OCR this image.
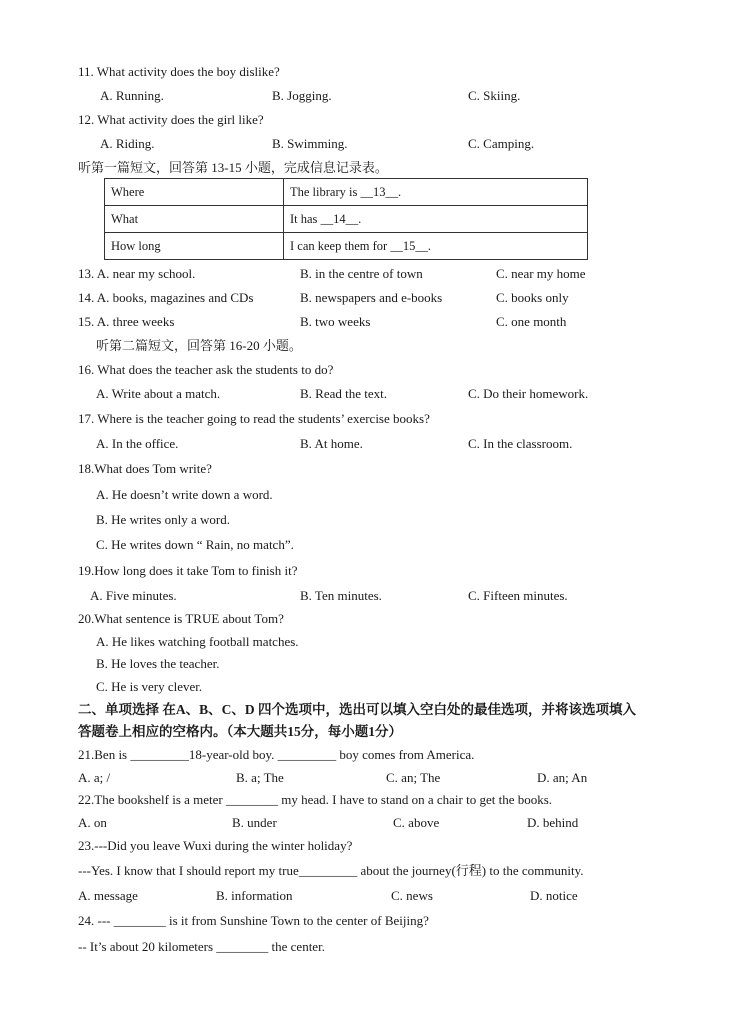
11. What activity does the boy dislike?
A. Running.	B. Jogging.	C. Skiing.
12. What activity does the girl like?
A. Riding.	B. Swimming.	C. Camping.
听第一篇短文，回答第 13-15 小题，完成信息记录表。
Where	The library is __13__.
What	It has __14__.
How long	I can keep them for __15__.
13. A. near my school.	B. in the centre of town	C. near my home
14. A. books, magazines and CDs	B. newspapers and e-books	C. books only
15. A. three weeks	B. two weeks	C. one month
听第二篇短文，回答第 16-20 小题。
16. What does the teacher ask the students to do?
A. Write about a match.	B. Read the text.	C. Do their homework.
17. Where is the teacher going to read the students’ exercise books?
A. In the office.	B. At home.	C. In the classroom.
18.What does Tom write?
A. He doesn’t write down a word.
B. He writes only a word.
C. He writes down “ Rain, no match”.
19.How long does it take Tom to finish it?
A. Five minutes.	B. Ten minutes.	C. Fifteen minutes.
20.What sentence is TRUE about Tom?
A. He likes watching football matches.
B. He loves the teacher.
C. He is very clever.
二、单项选择 在A、B、C、D 四个选项中，选出可以填入空白处的最佳选项，并将该选项填入
答题卷上相应的空格内。（本大题共15分，每小题1分）
21.Ben is _________18-year-old boy. _________ boy comes from America.
A. a; /	B. a; The	C. an; The	D. an; An
22.The bookshelf is a meter ________ my head. I have to stand on a chair to get the books.
A. on	B. under	C. above	D. behind
23.---Did you leave Wuxi during the winter holiday?
---Yes. I know that I should report my true_________ about the journey(行程) to the community.
A. message	B. information	C. news	D. notice
24. --- ________ is it from Sunshine Town to the center of Beijing?
-- It’s about 20 kilometers ________ the center.
